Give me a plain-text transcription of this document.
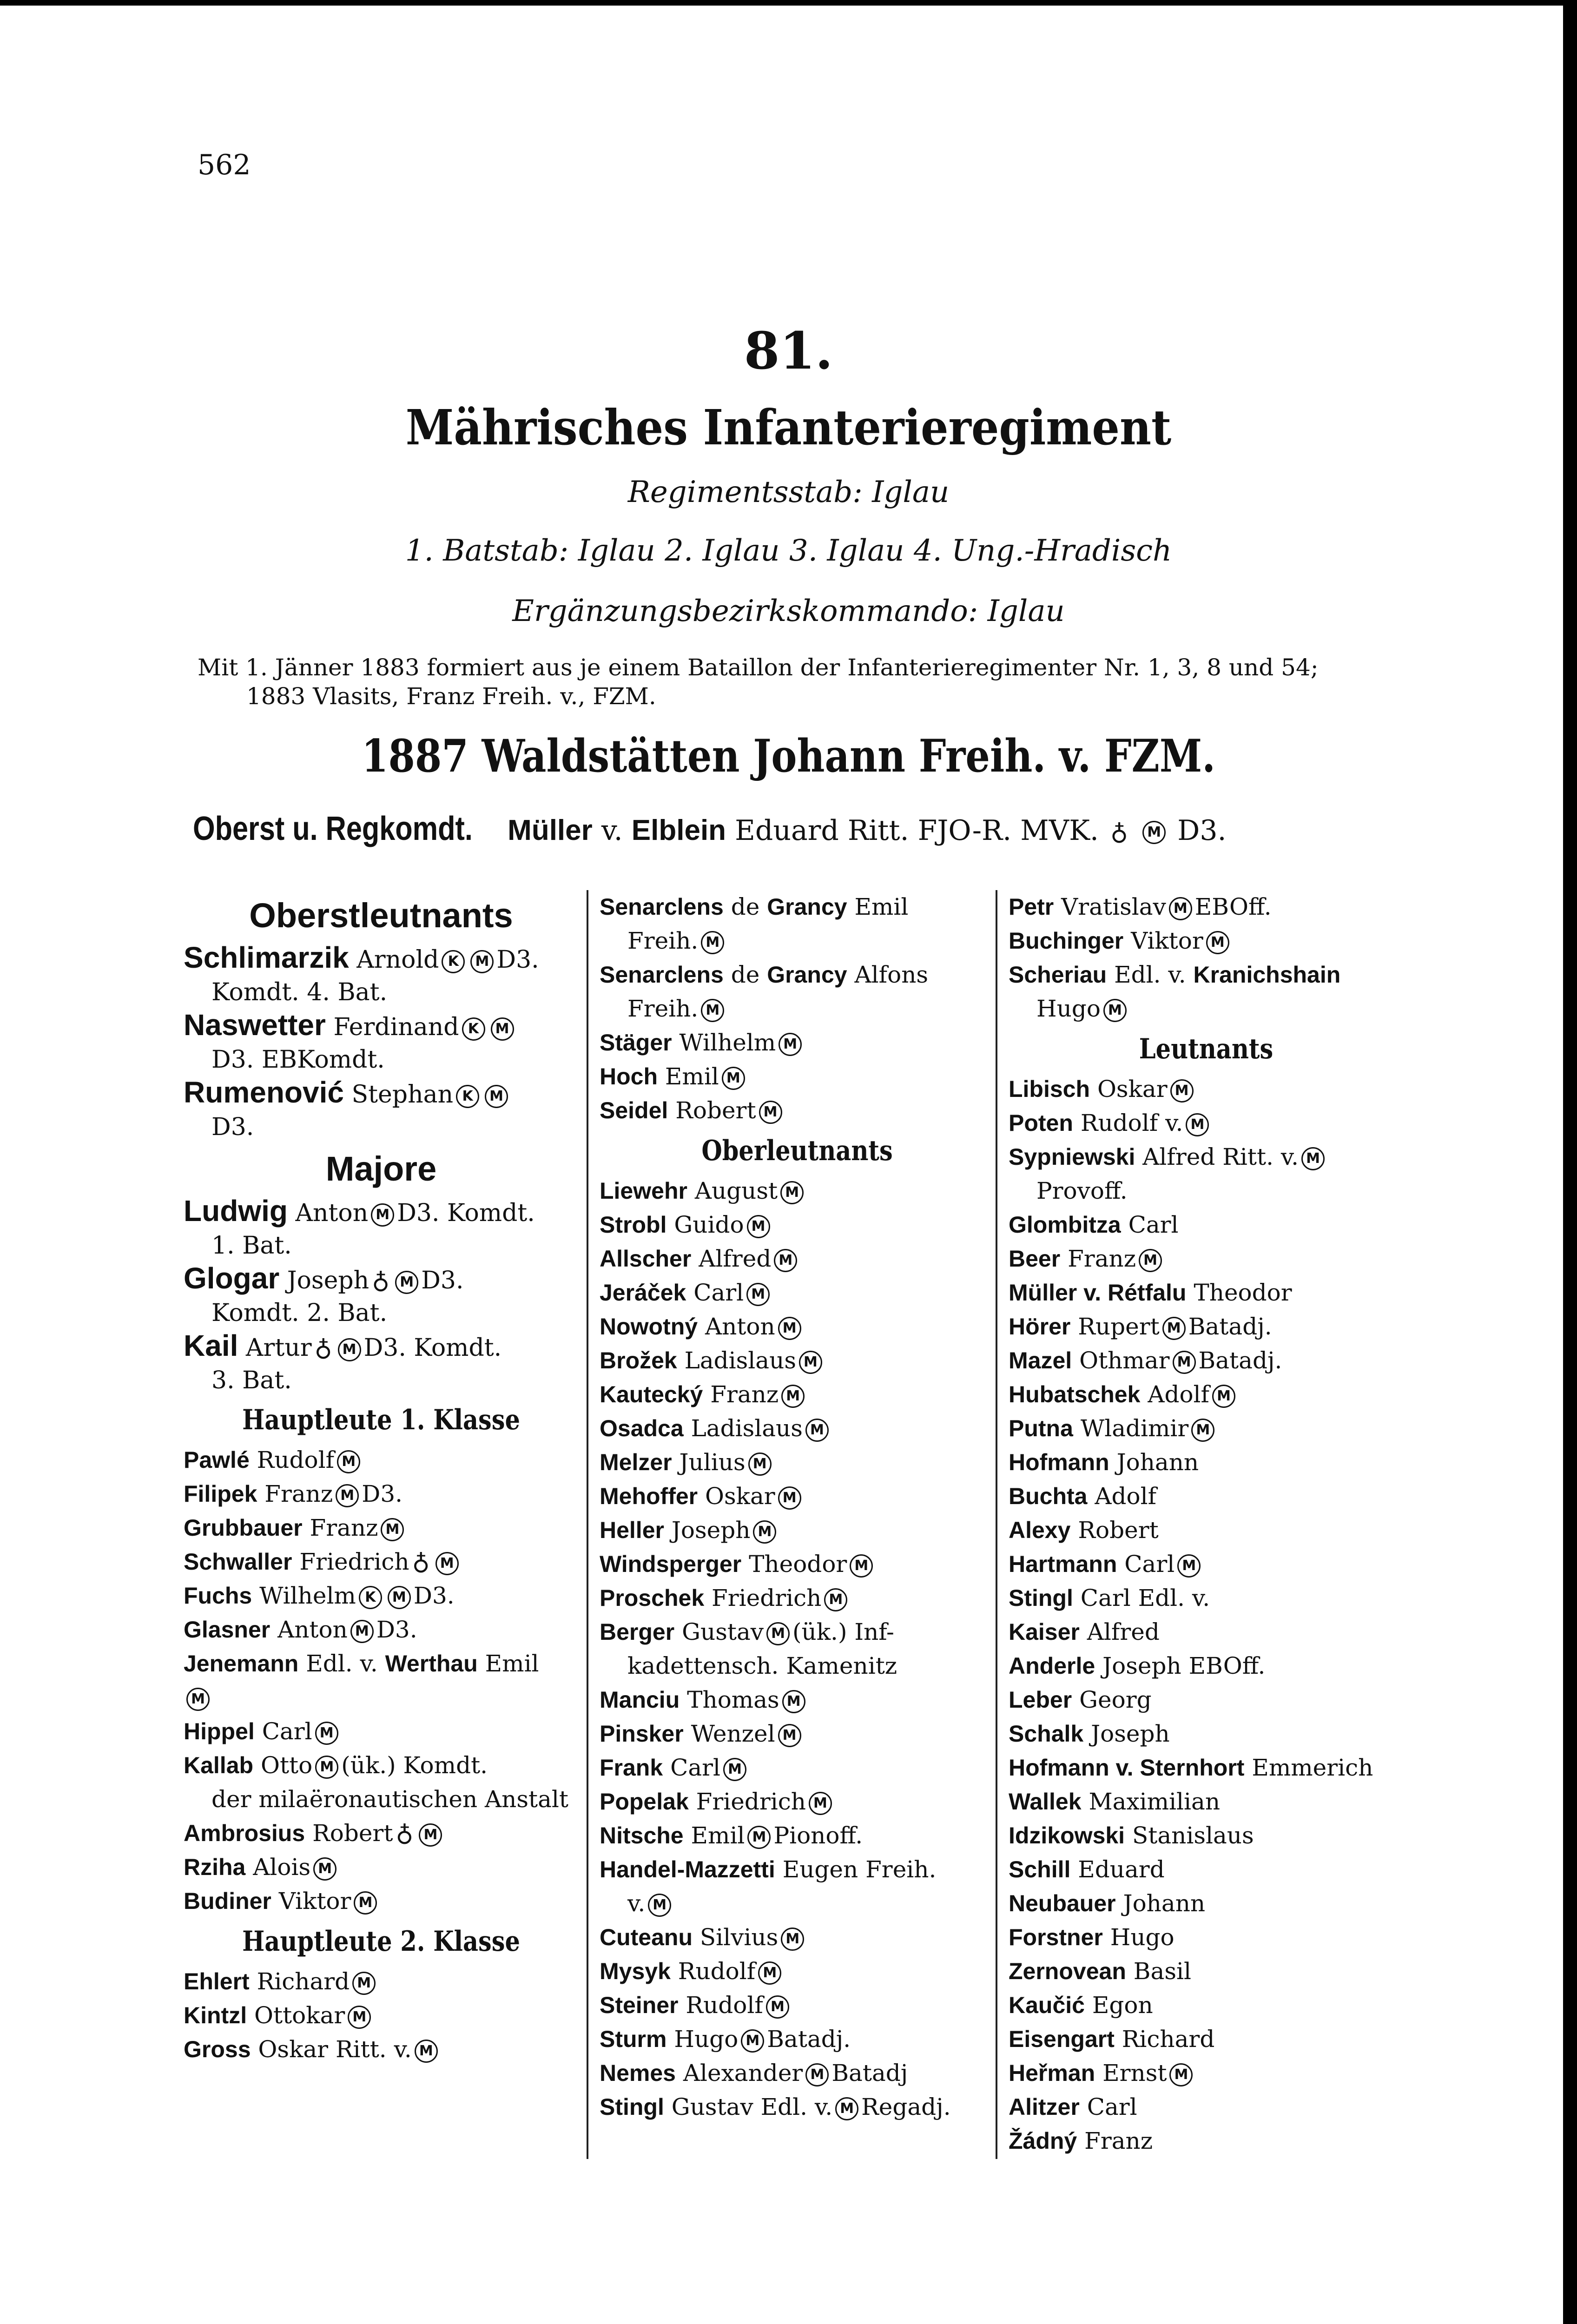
562
81.
Mährisches Infanterieregiment
Regimentsstab: Iglau
1. Batstab: Iglau 2. Iglau 3. Iglau 4. Ung.-Hradisch
Ergänzungsbezirkskommando: Iglau
Mit 1. Jänner 1883 formiert aus je einem Bataillon der Infanterieregimenter Nr. 1, 3, 8 und 54;
1883 Vlasits, Franz Freih. v., FZM.
1887 Waldstätten Johann Freih. v. FZM.
Oberst u. Regkomdt. Müller v. Elblein Eduard Ritt. FJO-R. MVK. ♁ M D3.
Oberstleutnants
Schlimarzik Arnold K M D3.
Komdt. 4. Bat.
Naswetter Ferdinand K M
D3. EBKomdt.
Rumenović Stephan K M
D3.
Majore
Ludwig Anton M D3. Komdt.
1. Bat.
Glogar Joseph ♁ M D3.
Komdt. 2. Bat.
Kail Artur ♁ M D3. Komdt.
3. Bat.
Hauptleute 1. Klasse
Pawlé Rudolf M
Filipek Franz M D3.
Grubbauer Franz M
Schwaller Friedrich ♁ M
Fuchs Wilhelm K M D3.
Glasner Anton M D3.
Jenemann Edl. v. Werthau Emil
M
Hippel Carl M
Kallab Otto M (ük.) Komdt.
der milaëronautischen Anstalt
Ambrosius Robert ♁ M
Rziha Alois M
Budiner Viktor M
Hauptleute 2. Klasse
Ehlert Richard M
Kintzl Ottokar M
Gross Oskar Ritt. v. M
Senarclens de Grancy Emil
Freih. M
Senarclens de Grancy Alfons
Freih. M
Stäger Wilhelm M
Hoch Emil M
Seidel Robert M
Oberleutnants
Liewehr August M
Strobl Guido M
Allscher Alfred M
Jeráček Carl M
Nowotný Anton M
Brožek Ladislaus M
Kautecký Franz M
Osadca Ladislaus M
Melzer Julius M
Mehoffer Oskar M
Heller Joseph M
Windsperger Theodor M
Proschek Friedrich M
Berger Gustav M (ük.) Inf-
kadettensch. Kamenitz
Manciu Thomas M
Pinsker Wenzel M
Frank Carl M
Popelak Friedrich M
Nitsche Emil M Pionoff.
Handel-Mazzetti Eugen Freih.
v. M
Cuteanu Silvius M
Mysyk Rudolf M
Steiner Rudolf M
Sturm Hugo M Batadj.
Nemes Alexander M Batadj
Stingl Gustav Edl. v. M Regadj.
Petr Vratislav M EBOff.
Buchinger Viktor M
Scheriau Edl. v. Kranichshain
Hugo M
Leutnants
Libisch Oskar M
Poten Rudolf v. M
Sypniewski Alfred Ritt. v. M
Provoff.
Glombitza Carl
Beer Franz M
Müller v. Rétfalu Theodor
Hörer Rupert M Batadj.
Mazel Othmar M Batadj.
Hubatschek Adolf M
Putna Wladimir M
Hofmann Johann
Buchta Adolf
Alexy Robert
Hartmann Carl M
Stingl Carl Edl. v.
Kaiser Alfred
Anderle Joseph EBOff.
Leber Georg
Schalk Joseph
Hofmann v. Sternhort Emmerich
Wallek Maximilian
Idzikowski Stanislaus
Schill Eduard
Neubauer Johann
Forstner Hugo
Zernovean Basil
Kaučić Egon
Eisengart Richard
Heřman Ernst M
Alitzer Carl
Žádný Franz
